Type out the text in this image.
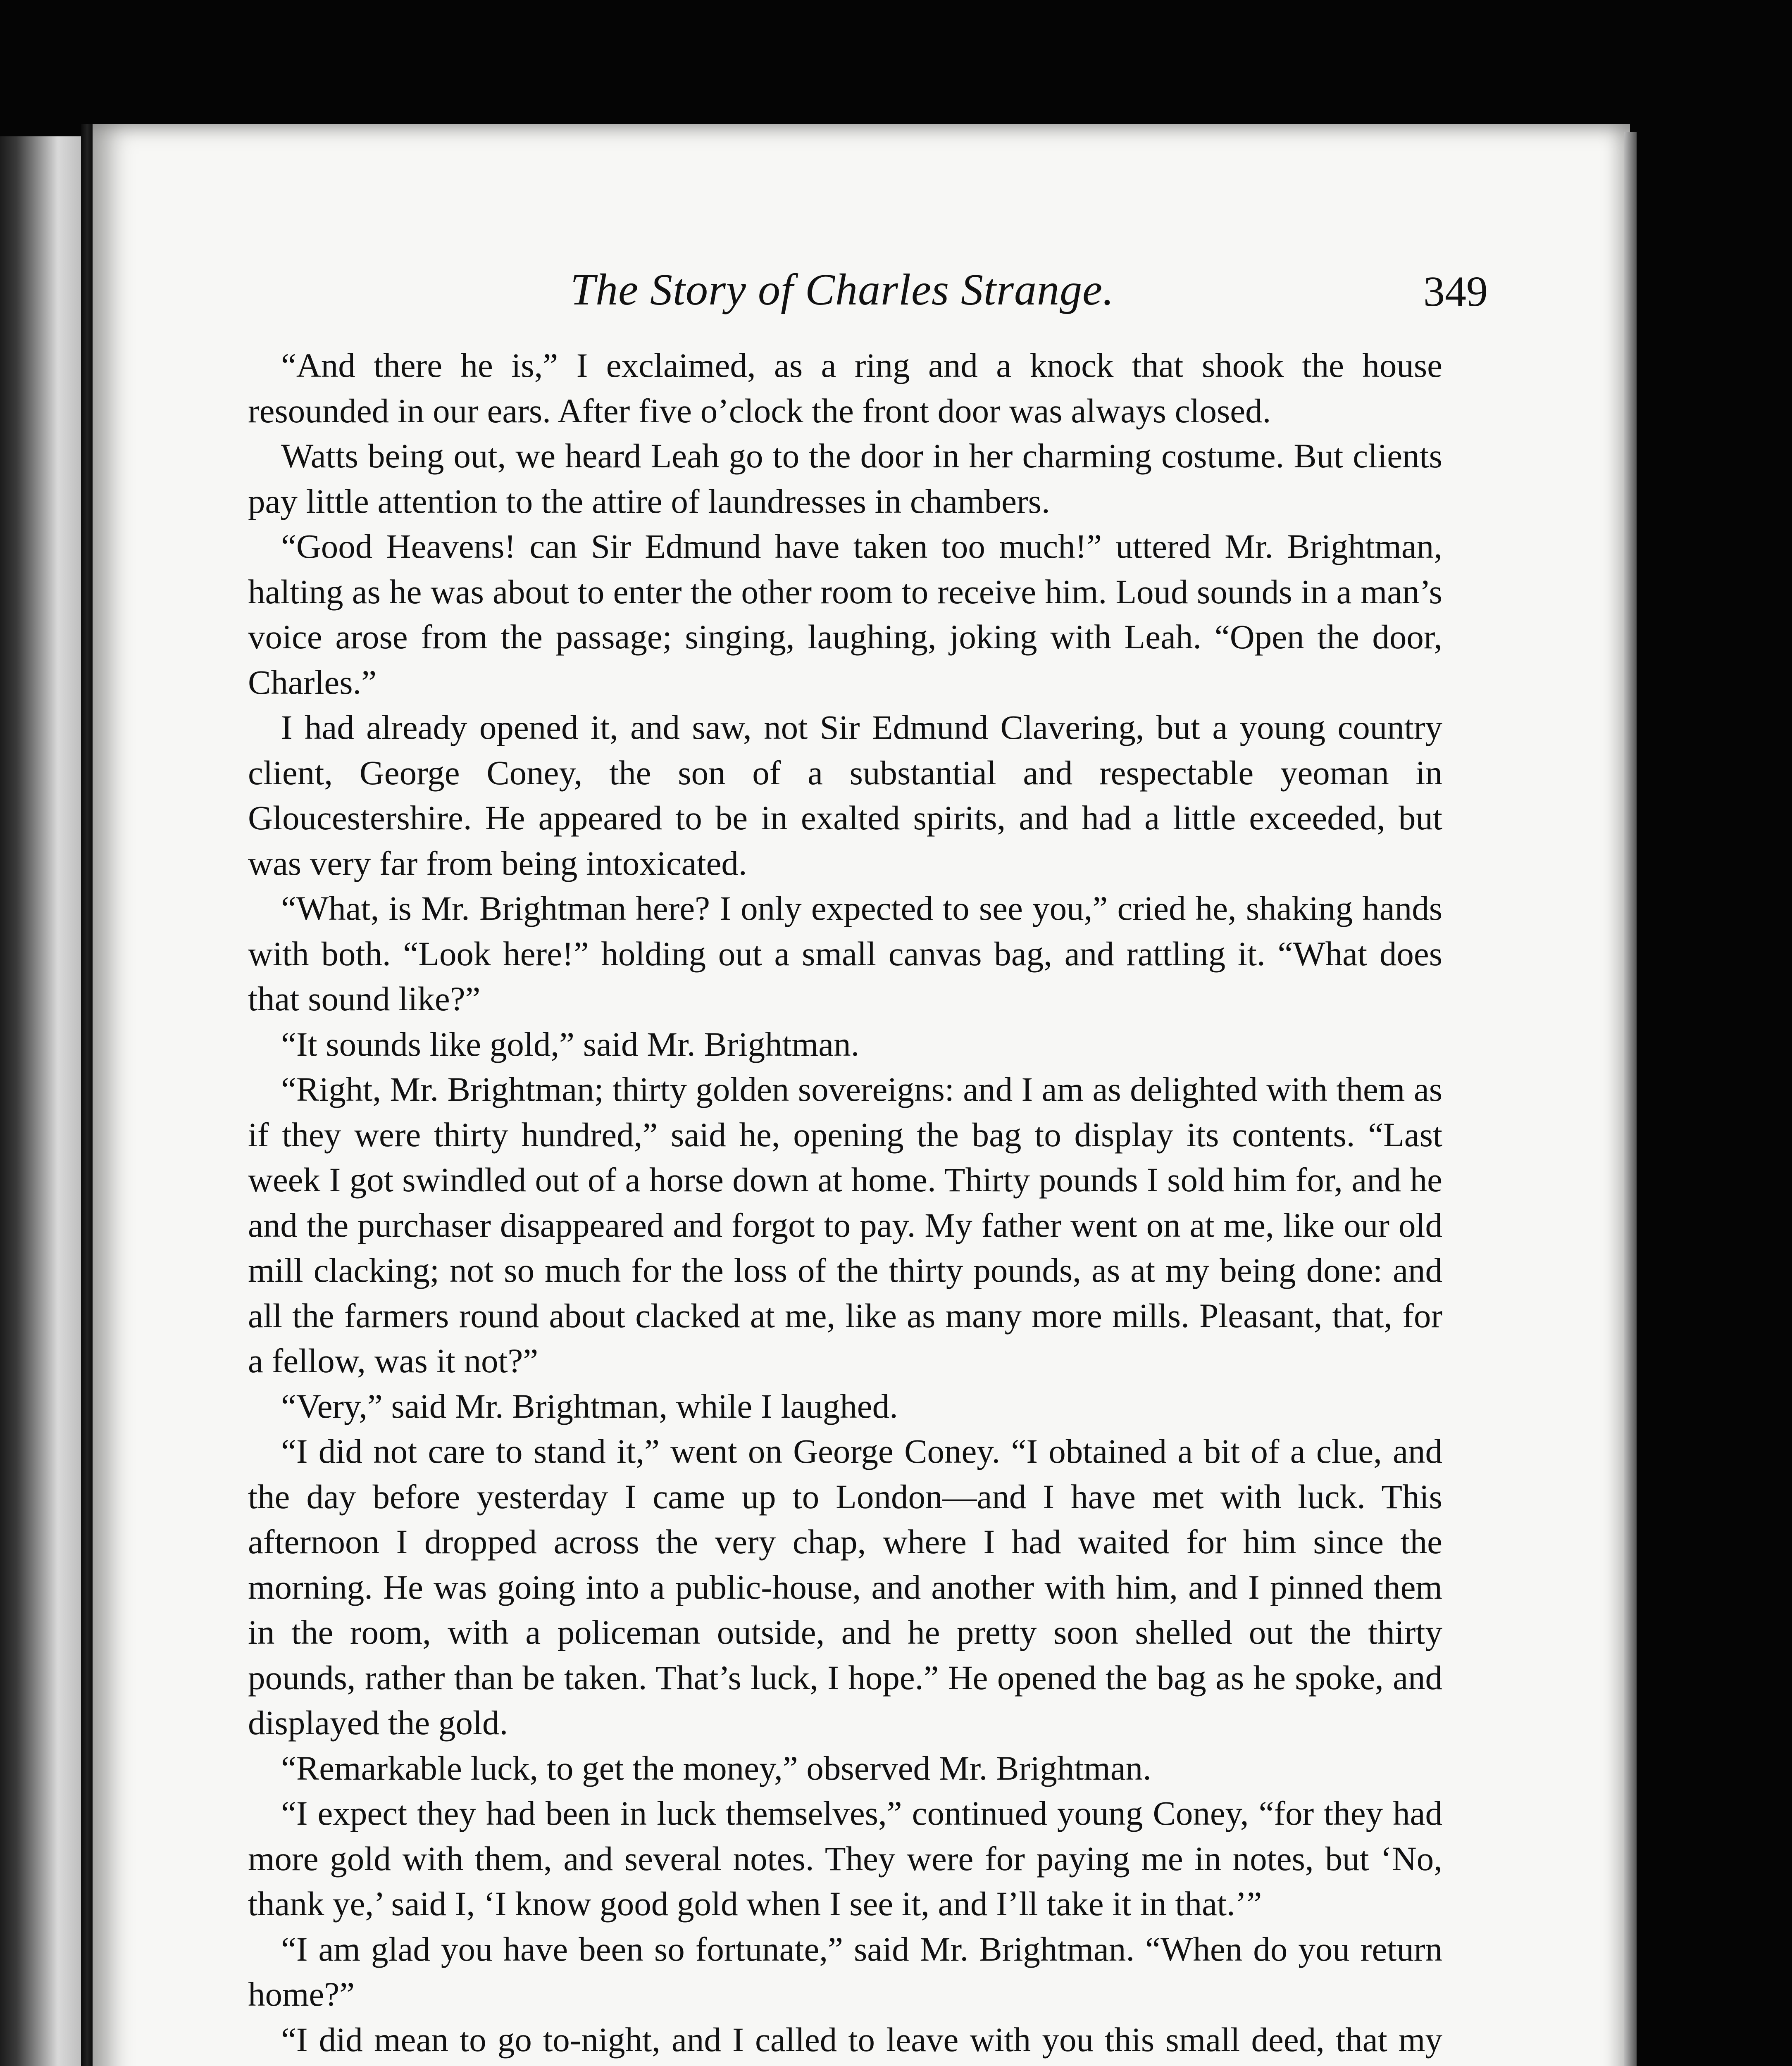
The Story of Charles Strange.	349

“And there he is,” I exclaimed, as a ring and a knock that shook the house resounded in our ears. After five o’clock the front door was always closed.

Watts being out, we heard Leah go to the door in her charming costume. But clients pay little attention to the attire of laundresses in chambers.

“Good Heavens! can Sir Edmund have taken too much!” uttered Mr. Brightman, halting as he was about to enter the other room to receive him. Loud sounds in a man’s voice arose from the passage; singing, laughing, joking with Leah. “Open the door, Charles.”

I had already opened it, and saw, not Sir Edmund Clavering, but a young country client, George Coney, the son of a substantial and respectable yeoman in Gloucestershire. He appeared to be in exalted spirits, and had a little exceeded, but was very far from being intoxicated.

“What, is Mr. Brightman here? I only expected to see you,” cried he, shaking hands with both. “Look here!” holding out a small canvas bag, and rattling it. “What does that sound like?”

“It sounds like gold,” said Mr. Brightman.

“Right, Mr. Brightman; thirty golden sovereigns: and I am as delighted with them as if they were thirty hundred,” said he, opening the bag to display its contents. “Last week I got swindled out of a horse down at home. Thirty pounds I sold him for, and he and the purchaser disappeared and forgot to pay. My father went on at me, like our old mill clacking; not so much for the loss of the thirty pounds, as at my being done: and all the farmers round about clacked at me, like as many more mills. Pleasant, that, for a fellow, was it not?”

“Very,” said Mr. Brightman, while I laughed.

“I did not care to stand it,” went on George Coney. “I obtained a bit of a clue, and the day before yesterday I came up to London—and I have met with luck. This afternoon I dropped across the very chap, where I had waited for him since the morning. He was going into a public-house, and another with him, and I pinned them in the room, with a policeman outside, and he pretty soon shelled out the thirty pounds, rather than be taken. That’s luck, I hope.” He opened the bag as he spoke, and displayed the gold.

“Remarkable luck, to get the money,” observed Mr. Brightman.

“I expect they had been in luck themselves,” continued young Coney, “for they had more gold with them, and several notes. They were for paying me in notes, but ‘No, thank ye,’ said I, ‘I know good gold when I see it, and I’ll take it in that.’”

“I am glad you have been so fortunate,” said Mr. Brightman. “When do you return home?”

“I did mean to go to-night, and I called to leave with you this small deed, that my
